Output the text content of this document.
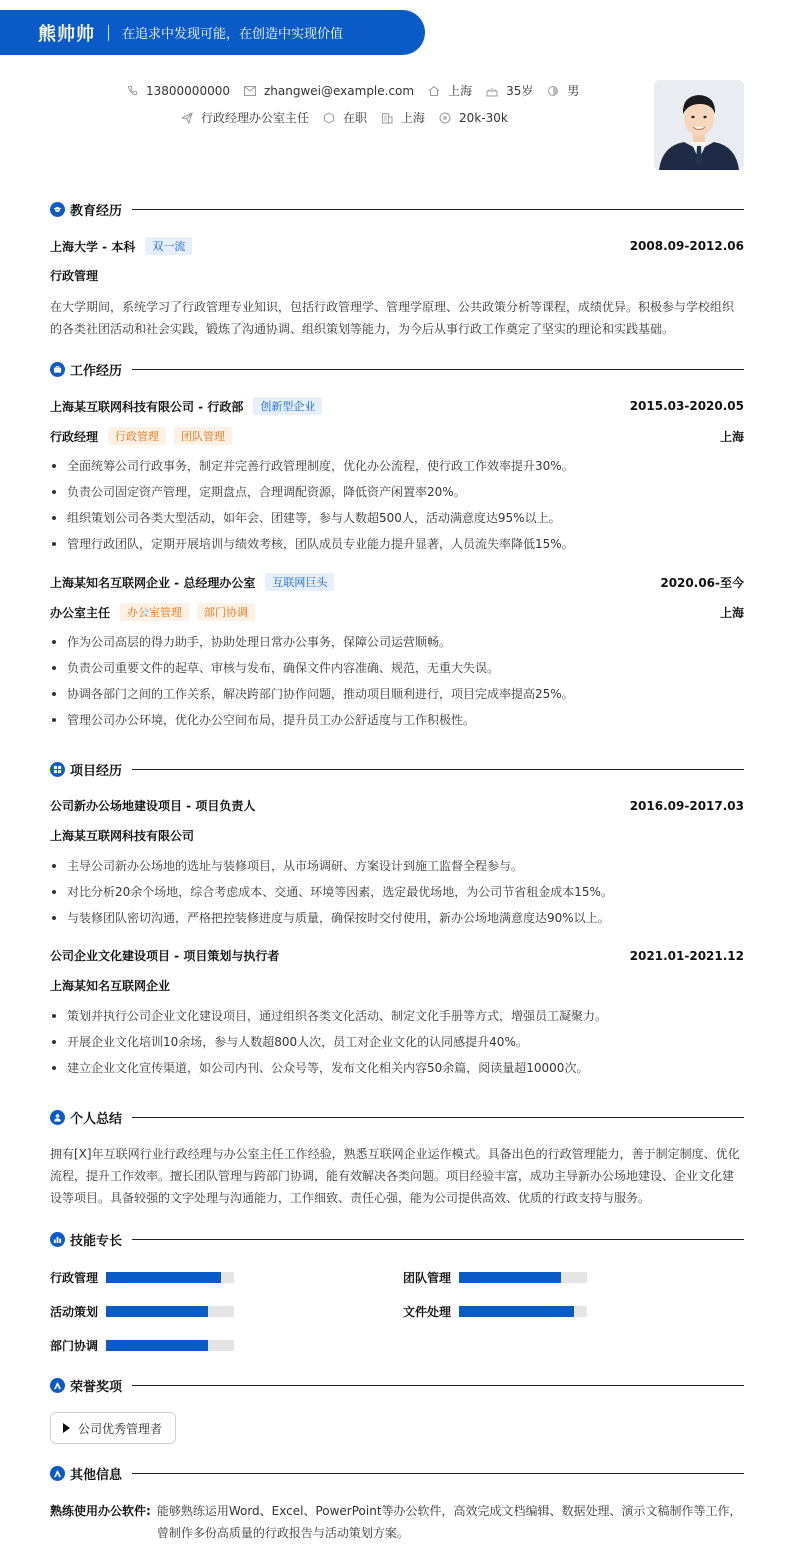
熊帅帅 在追求中发现可能，在创造中实现价值
13800000000	zhangwei@example.com	上海	35岁	男
行政经理办公室主任	在职	上海	20k-30k
教育经历
上海大学 - 本科	双一流	2008.09-2012.06
行政管理
在大学期间，系统学习了行政管理专业知识，包括行政管理学、管理学原理、公共政策分析等课程，成绩优异。积极参与学校组织的各类社团活动和社会实践，锻炼了沟通协调、组织策划等能力，为今后从事行政工作奠定了坚实的理论和实践基础。
工作经历
上海某互联网科技有限公司 - 行政部	创新型企业	2015.03-2020.05
行政经理	行政管理	团队管理	上海
全面统筹公司行政事务，制定并完善行政管理制度，优化办公流程，使行政工作效率提升30%。
负责公司固定资产管理，定期盘点，合理调配资源，降低资产闲置率20%。
组织策划公司各类大型活动，如年会、团建等，参与人数超500人，活动满意度达95%以上。
管理行政团队，定期开展培训与绩效考核，团队成员专业能力提升显著，人员流失率降低15%。
上海某知名互联网企业 - 总经理办公室	互联网巨头	2020.06-至今
办公室主任	办公室管理	部门协调	上海
作为公司高层的得力助手，协助处理日常办公事务，保障公司运营顺畅。
负责公司重要文件的起草、审核与发布，确保文件内容准确、规范，无重大失误。
协调各部门之间的工作关系，解决跨部门协作问题，推动项目顺利进行，项目完成率提高25%。
管理公司办公环境，优化办公空间布局，提升员工办公舒适度与工作积极性。
项目经历
公司新办公场地建设项目 - 项目负责人	2016.09-2017.03
上海某互联网科技有限公司
主导公司新办公场地的选址与装修项目，从市场调研、方案设计到施工监督全程参与。
对比分析20余个场地，综合考虑成本、交通、环境等因素，选定最优场地，为公司节省租金成本15%。
与装修团队密切沟通，严格把控装修进度与质量，确保按时交付使用，新办公场地满意度达90%以上。
公司企业文化建设项目 - 项目策划与执行者	2021.01-2021.12
上海某知名互联网企业
策划并执行公司企业文化建设项目，通过组织各类文化活动、制定文化手册等方式，增强员工凝聚力。
开展企业文化培训10余场，参与人数超800人次，员工对企业文化的认同感提升40%。
建立企业文化宣传渠道，如公司内刊、公众号等，发布文化相关内容50余篇，阅读量超10000次。
个人总结
拥有[X]年互联网行业行政经理与办公室主任工作经验，熟悉互联网企业运作模式。具备出色的行政管理能力，善于制定制度、优化流程，提升工作效率。擅长团队管理与跨部门协调，能有效解决各类问题。项目经验丰富，成功主导新办公场地建设、企业文化建设等项目。具备较强的文字处理与沟通能力，工作细致、责任心强，能为公司提供高效、优质的行政支持与服务。
技能专长
行政管理	团队管理
活动策划	文件处理
部门协调
荣誉奖项
公司优秀管理者
其他信息
熟练使用办公软件: 能够熟练运用Word、Excel、PowerPoint等办公软件，高效完成文档编辑、数据处理、演示文稿制作等工作，曾制作多份高质量的行政报告与活动策划方案。
